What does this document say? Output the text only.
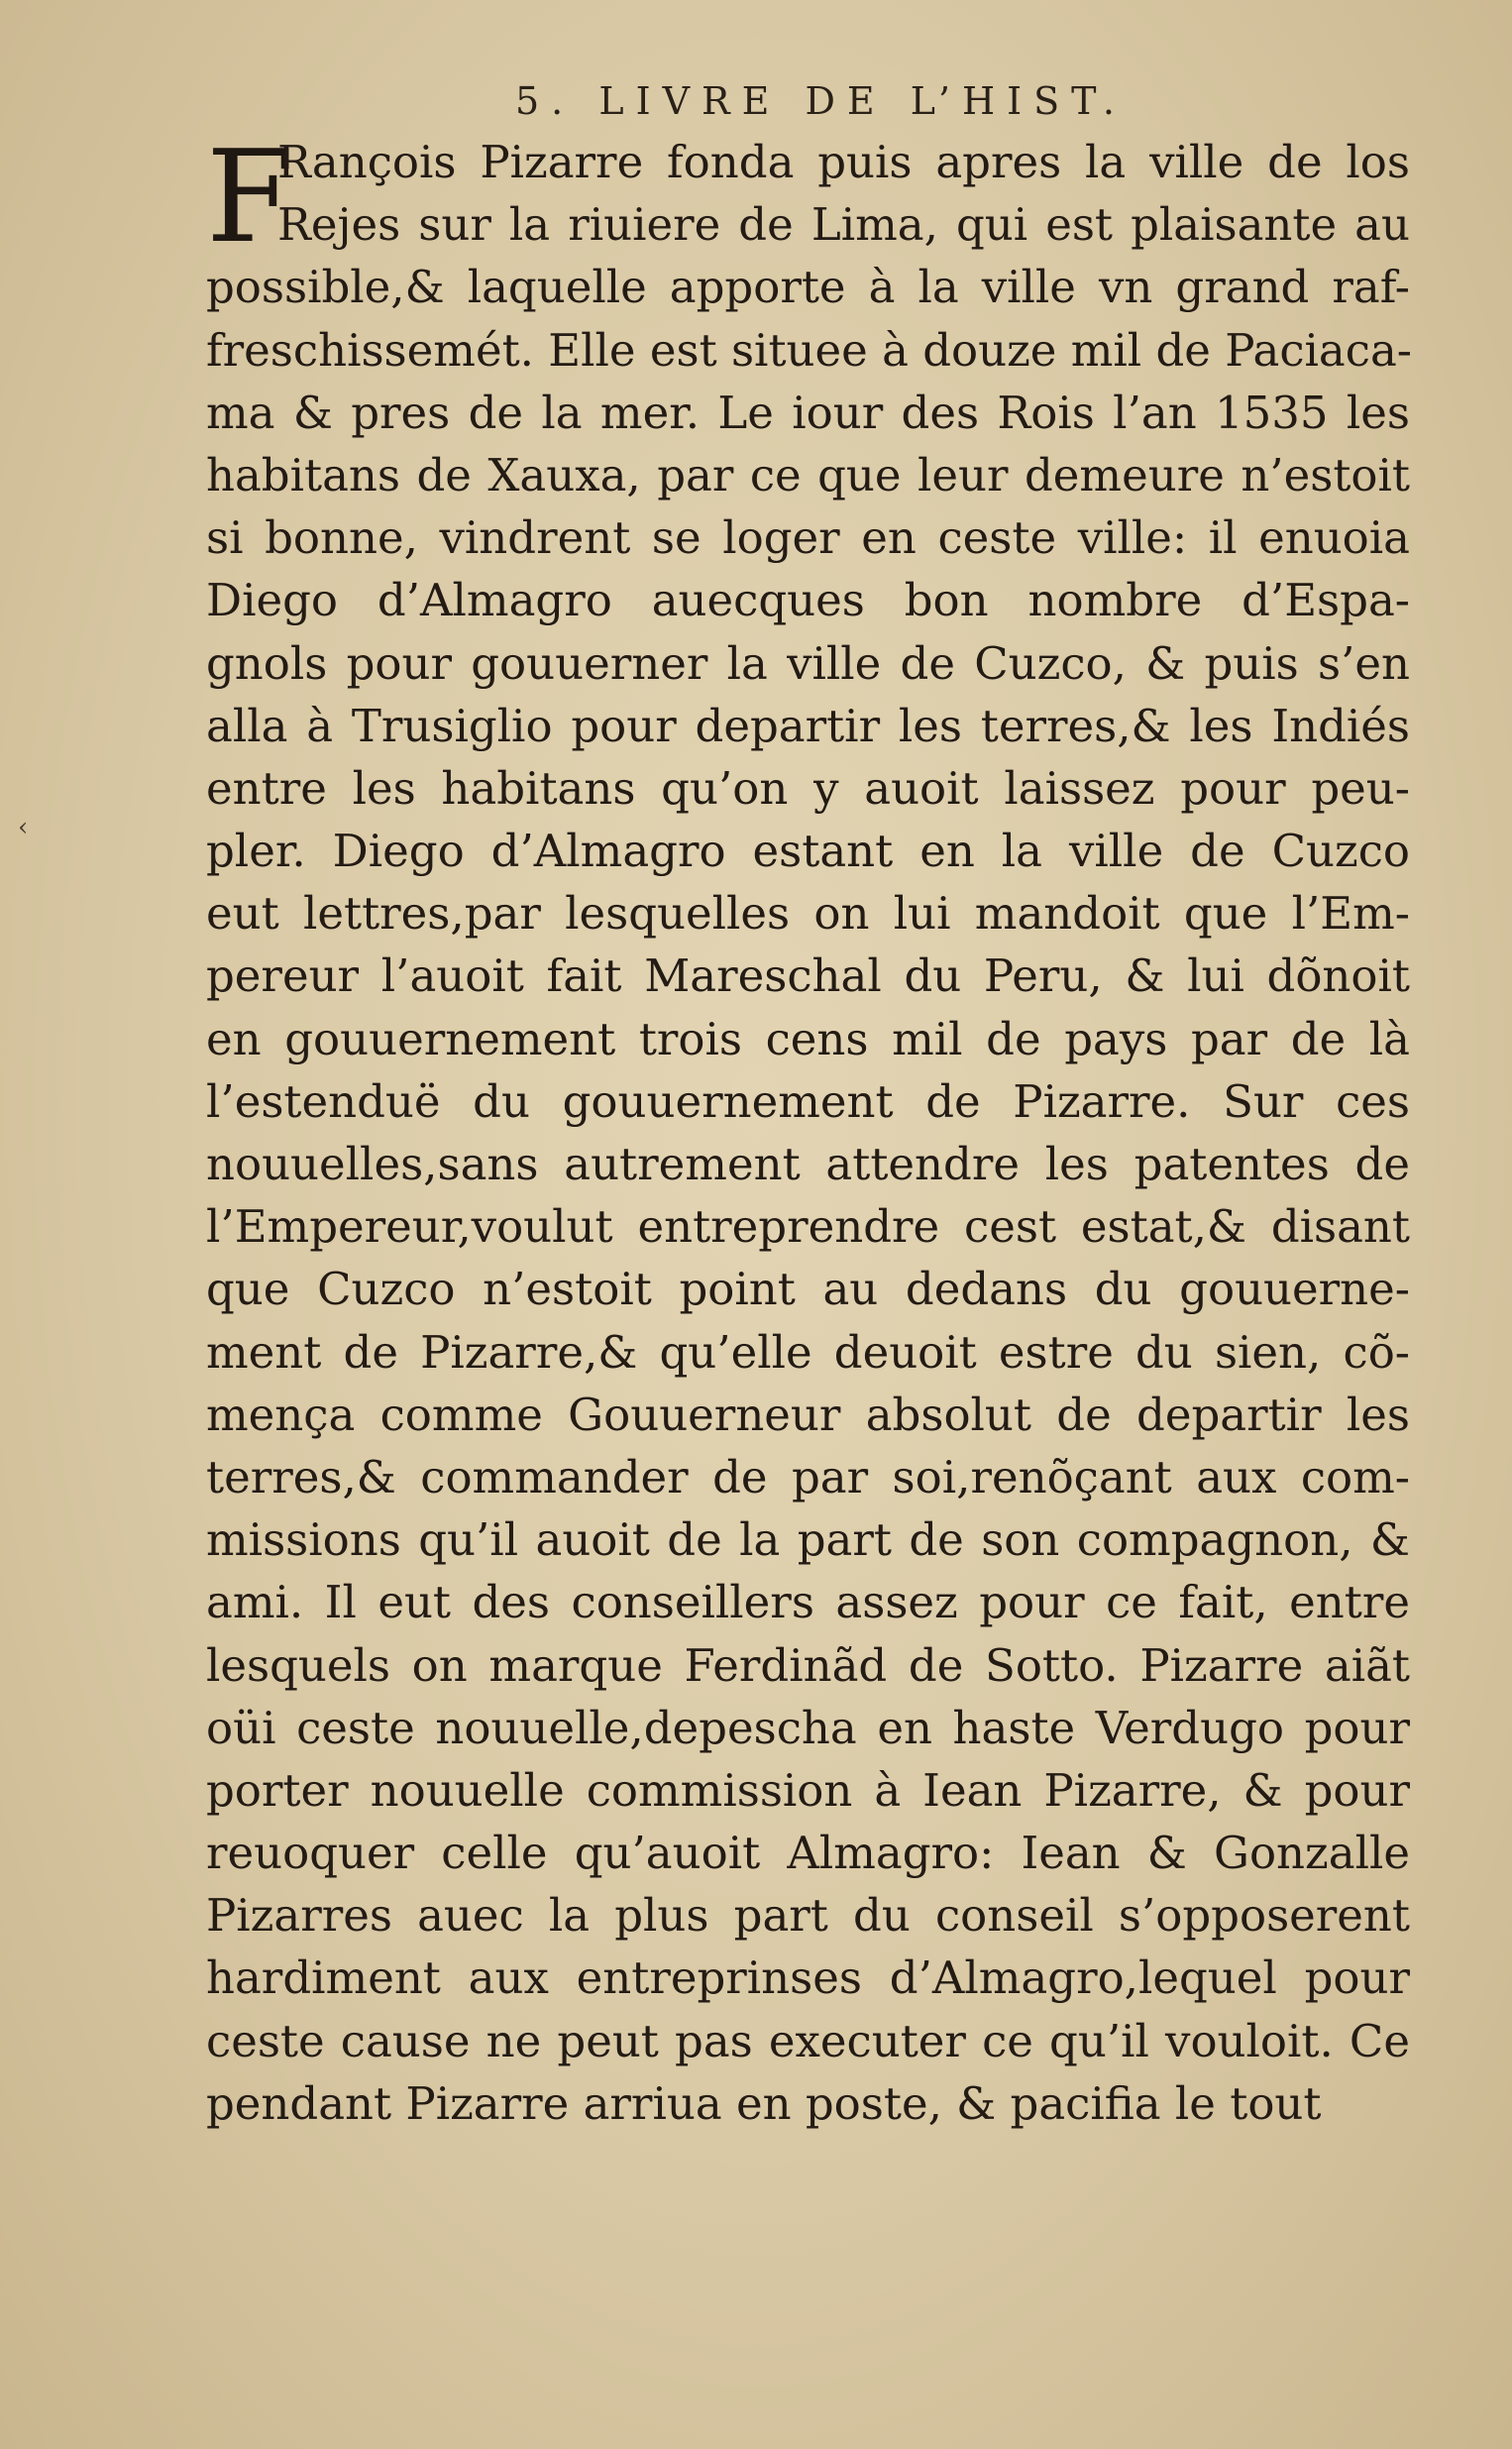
5. LIVRE DE L’HIST.
F
Rançois Pizarre fonda puis apres la ville de los
Rejes sur la riuiere de Lima, qui est plaisante au
possible,& laquelle apporte à la ville vn grand raf-
freschissemét. Elle est situee à douze mil de Paciaca-
ma & pres de la mer. Le iour des Rois l’an 1535 les
habitans de Xauxa, par ce que leur demeure n’estoit
si bonne, vindrent se loger en ceste ville: il enuoia
Diego d’Almagro auecques bon nombre d’Espa-
gnols pour gouuerner la ville de Cuzco, & puis s’en
alla à Trusiglio pour departir les terres,& les Indiés
entre les habitans qu’on y auoit laissez pour peu-
pler. Diego d’Almagro estant en la ville de Cuzco
eut lettres,par lesquelles on lui mandoit que l’Em-
pereur l’auoit fait Mareschal du Peru, & lui dõnoit
en gouuernement trois cens mil de pays par de là
l’estenduë du gouuernement de Pizarre. Sur ces
nouuelles,sans autrement attendre les patentes de
l’Empereur,voulut entreprendre cest estat,& disant
que Cuzco n’estoit point au dedans du gouuerne-
ment de Pizarre,& qu’elle deuoit estre du sien, cõ-
mença comme Gouuerneur absolut de departir les
terres,& commander de par soi,renõçant aux com-
missions qu’il auoit de la part de son compagnon, &
ami. Il eut des conseillers assez pour ce fait, entre
lesquels on marque Ferdinãd de Sotto. Pizarre aiãt
oüi ceste nouuelle,depescha en haste Verdugo pour
porter nouuelle commission à Iean Pizarre, & pour
reuoquer celle qu’auoit Almagro: Iean & Gonzalle
Pizarres auec la plus part du conseil s’opposerent
hardiment aux entreprinses d’Almagro,lequel pour
ceste cause ne peut pas executer ce qu’il vouloit. Ce
pendant Pizarre arriua en poste, & pacifia le tout
‹
